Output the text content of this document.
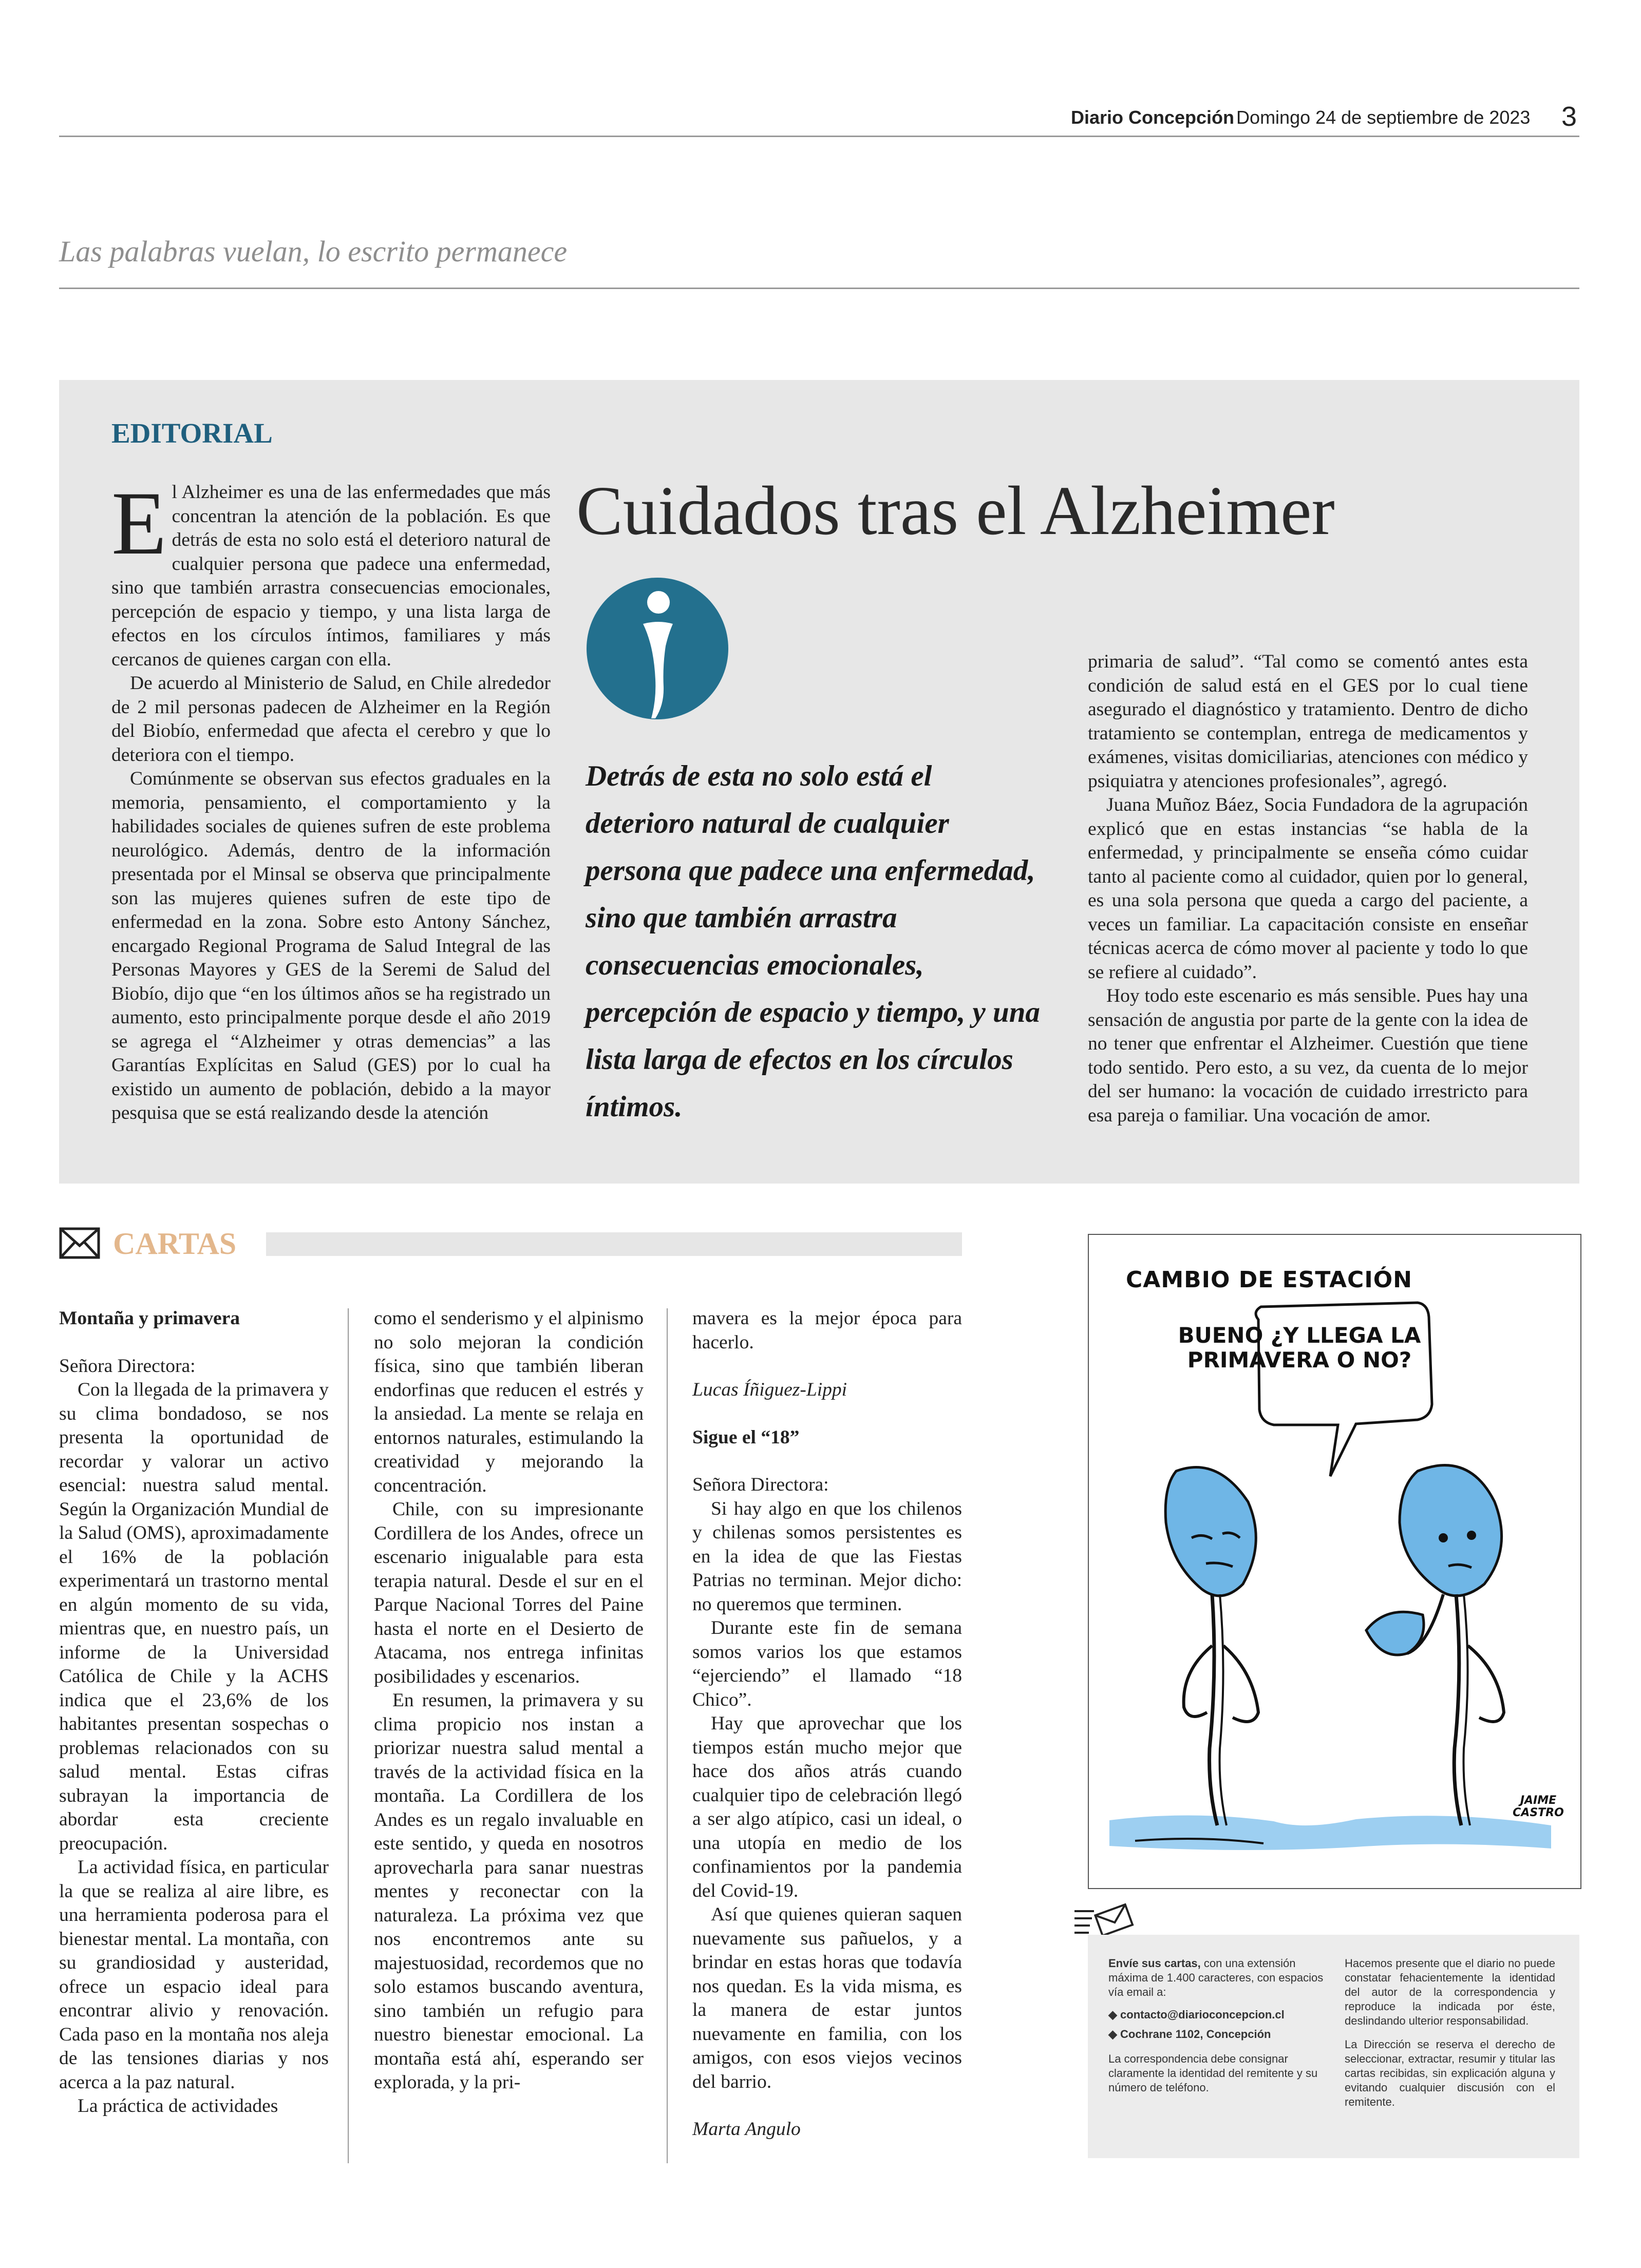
Diario Concepción Domingo 24 de septiembre de 2023 3
Las palabras vuelan, lo escrito permanece
EDITORIAL
Cuidados tras el Alzheimer

El Alzheimer es una de las enfermedades que más concentran la atención de la población. Es que detrás de esta no solo está el deterioro natural de cualquier persona que padece una enfermedad, sino que también arrastra consecuencias emocionales, percepción de espacio y tiempo, y una lista larga de efectos en los círculos íntimos, familiares y más cercanos de quienes cargan con ella.

De acuerdo al Ministerio de Salud, en Chile alrededor de 2 mil personas padecen de Alzheimer en la Región del Biobío, enfermedad que afecta el cerebro y que lo deteriora con el tiempo.

Comúnmente se observan sus efectos graduales en la memoria, pensamiento, el comportamiento y la habilidades sociales de quienes sufren de este problema neurológico. Además, dentro de la información presentada por el Minsal se observa que principalmente son las mujeres quienes sufren de este tipo de enfermedad en la zona. Sobre esto Antony Sánchez, encargado Regional Programa de Salud Integral de las Personas Mayores y GES de la Seremi de Salud del Biobío, dijo que “en los últimos años se ha registrado un aumento, esto principalmente porque desde el año 2019 se agrega el “Alzheimer y otras demencias” a las Garantías Explícitas en Salud (GES) por lo cual ha existido un aumento de población, debido a la mayor pesquisa que se está realizando desde la atención

Detrás de esta no solo está el deterioro natural de cualquier persona que padece una enfermedad, sino que también arrastra consecuencias emocionales, percepción de espacio y tiempo, y una lista larga de efectos en los círculos íntimos.

primaria de salud”. “Tal como se comentó antes esta condición de salud está en el GES por lo cual tiene asegurado el diagnóstico y tratamiento. Dentro de dicho tratamiento se contemplan, entrega de medicamentos y exámenes, visitas domiciliarias, atenciones con médico y psiquiatra y atenciones profesionales”, agregó.

Juana Muñoz Báez, Socia Fundadora de la agrupación explicó que en estas instancias “se habla de la enfermedad, y principalmente se enseña cómo cuidar tanto al paciente como al cuidador, quien por lo general, es una sola persona que queda a cargo del paciente, a veces un familiar. La capacitación consiste en enseñar técnicas acerca de cómo mover al paciente y todo lo que se refiere al cuidado”.

Hoy todo este escenario es más sensible. Pues hay una sensación de angustia por parte de la gente con la idea de no tener que enfrentar el Alzheimer. Cuestión que tiene todo sentido. Pero esto, a su vez, da cuenta de lo mejor del ser humano: la vocación de cuidado irrestricto para esa pareja o familiar. Una vocación de amor.

CARTAS

Montaña y primavera

Señora Directora:

Con la llegada de la primavera y su clima bondadoso, se nos presenta la oportunidad de recordar y valorar un activo esencial: nuestra salud mental. Según la Organización Mundial de la Salud (OMS), aproximadamente el 16% de la población experimentará un trastorno mental en algún momento de su vida, mientras que, en nuestro país, un informe de la Universidad Católica de Chile y la ACHS indica que el 23,6% de los habitantes presentan sospechas o problemas relacionados con su salud mental. Estas cifras subrayan la importancia de abordar esta creciente preocupación.

La actividad física, en particular la que se realiza al aire libre, es una herramienta poderosa para el bienestar mental. La montaña, con su grandiosidad y austeridad, ofrece un espacio ideal para encontrar alivio y renovación. Cada paso en la montaña nos aleja de las tensiones diarias y nos acerca a la paz natural.

La práctica de actividades

como el senderismo y el alpinismo no solo mejoran la condición física, sino que también liberan endorfinas que reducen el estrés y la ansiedad. La mente se relaja en entornos naturales, estimulando la creatividad y mejorando la concentración.

Chile, con su impresionante Cordillera de los Andes, ofrece un escenario inigualable para esta terapia natural. Desde el sur en el Parque Nacional Torres del Paine hasta el norte en el Desierto de Atacama, nos entrega infinitas posibilidades y escenarios.

En resumen, la primavera y su clima propicio nos instan a priorizar nuestra salud mental a través de la actividad física en la montaña. La Cordillera de los Andes es un regalo invaluable en este sentido, y queda en nosotros aprovecharla para sanar nuestras mentes y reconectar con la naturaleza. La próxima vez que nos encontremos ante su majestuosidad, recordemos que no solo estamos buscando aventura, sino también un refugio para nuestro bienestar emocional. La montaña está ahí, esperando ser explorada, y la pri-

mavera es la mejor época para hacerlo.

Lucas Íñiguez-Lippi

Sigue el “18”

Señora Directora:

Si hay algo en que los chilenos y chilenas somos persistentes es en la idea de que las Fiestas Patrias no terminan. Mejor dicho: no queremos que terminen.

Durante este fin de semana somos varios los que estamos “ejerciendo” el llamado “18 Chico”.

Hay que aprovechar que los tiempos están mucho mejor que hace dos años atrás cuando cualquier tipo de celebración llegó a ser algo atípico, casi un ideal, o una utopía en medio de los confinamientos por la pandemia del Covid-19.

Así que quienes quieran saquen nuevamente sus pañuelos, y a brindar en estas horas que todavía nos quedan. Es la vida misma, es la manera de estar juntos nuevamente en familia, con los amigos, con esos viejos vecinos del barrio.

Marta Angulo

CAMBIO DE ESTACIÓN
BUENO ¿Y LLEGA LA PRIMAVERA O NO?
JAIME CASTRO

Envíe sus cartas, con una extensión máxima de 1.400 caracteres, con espacios vía email a:

◆ contacto@diarioconcepcion.cl

◆ Cochrane 1102, Concepción

La correspondencia debe consignar claramente la identidad del remitente y su número de teléfono.

Hacemos presente que el diario no puede constatar fehacientemente la identidad del autor de la correspondencia y reproduce la indicada por éste, deslindando ulterior responsabilidad.

La Dirección se reserva el derecho de seleccionar, extractar, resumir y titular las cartas recibidas, sin explicación alguna y evitando cualquier discusión con el remitente.
